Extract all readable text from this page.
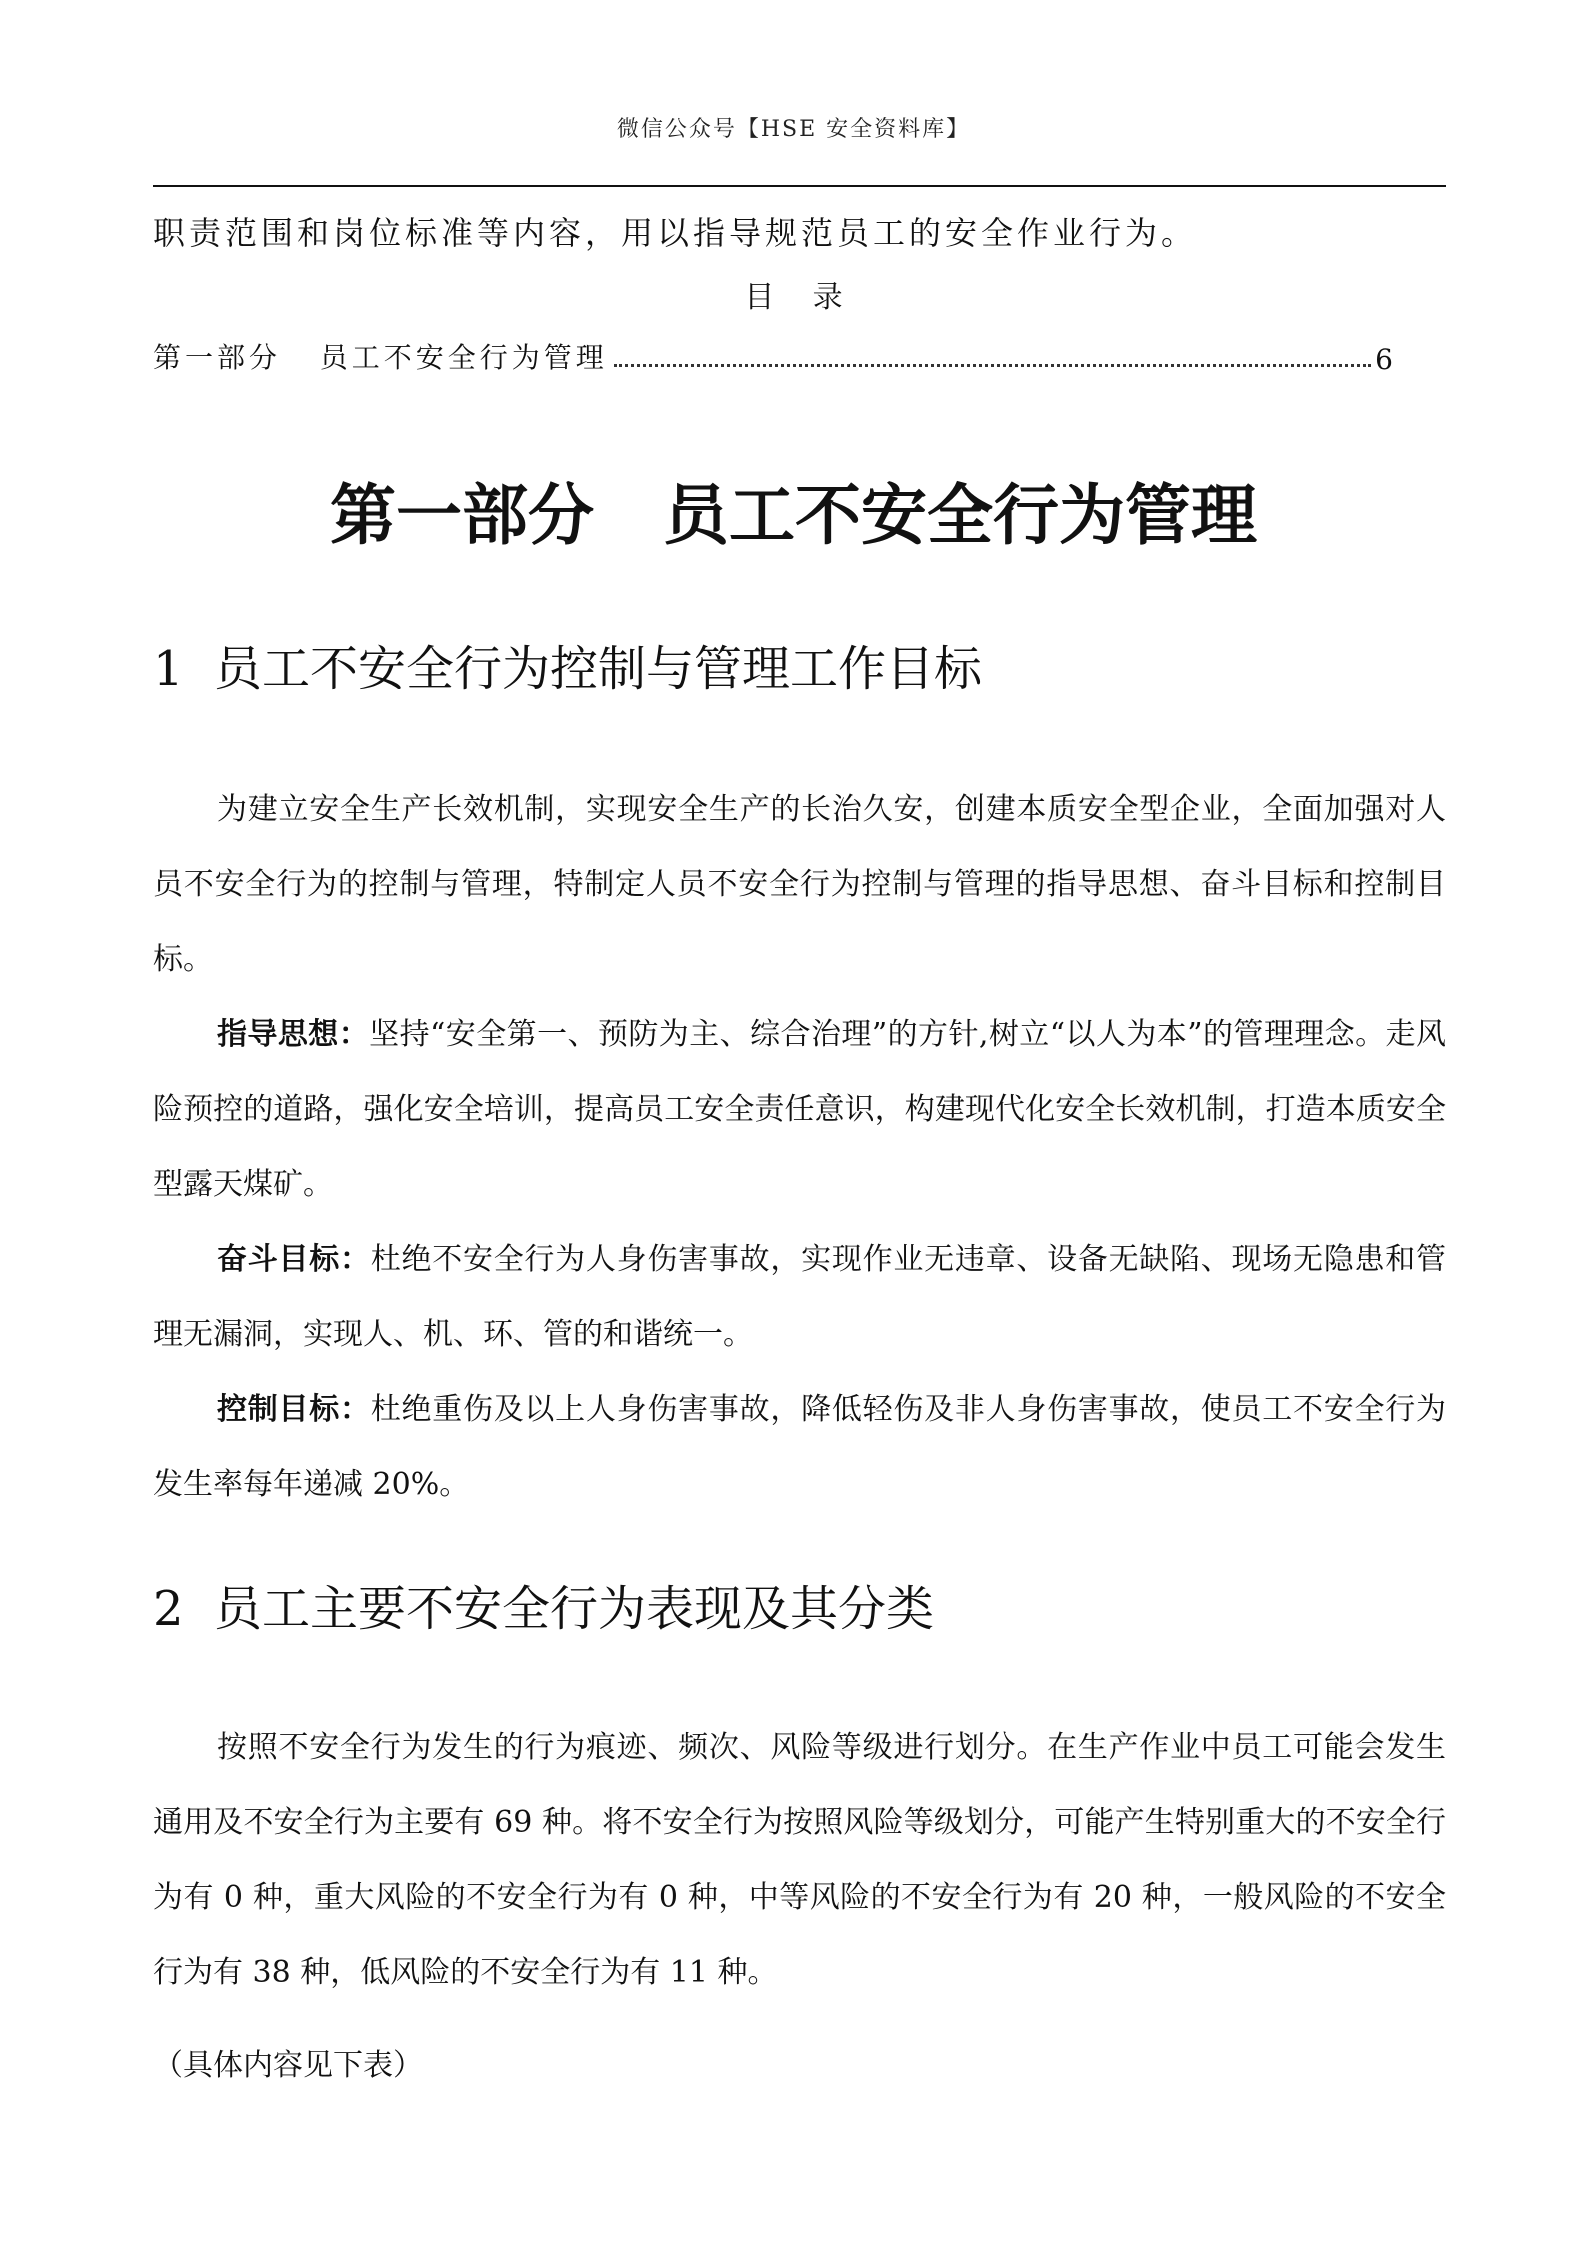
微信公众号【HSE 安全资料库】
职责范围和岗位标准等内容，用以指导规范员工的安全作业行为。
目    录
第一部分   员工不安全行为管理	6
第一部分   员工不安全行为管理
1  员工不安全行为控制与管理工作目标

为建立安全生产长效机制，实现安全生产的长治久安，创建本质安全型企业，全面加强对人员不安全行为的控制与管理，特制定人员不安全行为控制与管理的指导思想、奋斗目标和控制目标。

指导思想：坚持“安全第一、预防为主、综合治理”的方针,树立“以人为本”的管理理念。走风险预控的道路，强化安全培训，提高员工安全责任意识，构建现代化安全长效机制，打造本质安全型露天煤矿。

奋斗目标：杜绝不安全行为人身伤害事故，实现作业无违章、设备无缺陷、现场无隐患和管理无漏洞，实现人、机、环、管的和谐统一。

控制目标：杜绝重伤及以上人身伤害事故，降低轻伤及非人身伤害事故，使员工不安全行为发生率每年递减 20%。

2  员工主要不安全行为表现及其分类

按照不安全行为发生的行为痕迹、频次、风险等级进行划分。在生产作业中员工可能会发生通用及不安全行为主要有 69 种。将不安全行为按照风险等级划分，可能产生特别重大的不安全行为有 0 种，重大风险的不安全行为有 0 种，中等风险的不安全行为有 20 种，一般风险的不安全行为有 38 种，低风险的不安全行为有 11 种。

（具体内容见下表）
